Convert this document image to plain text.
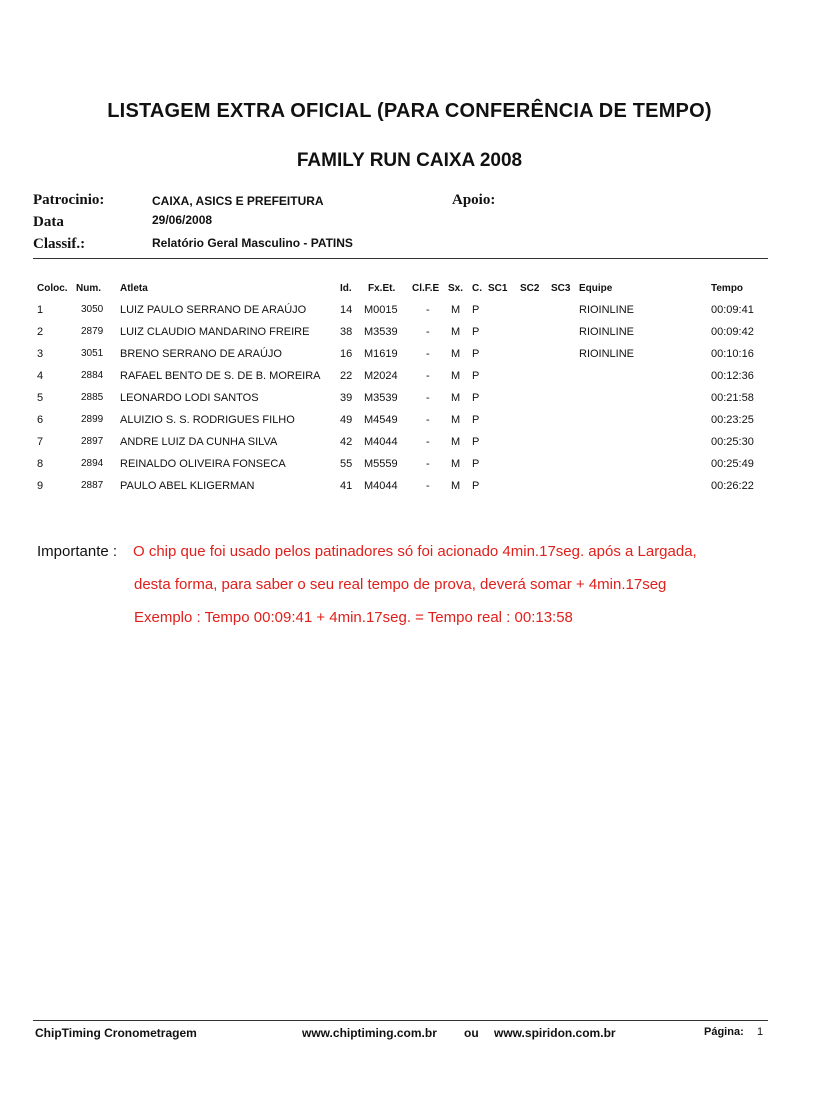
LISTAGEM EXTRA OFICIAL (PARA CONFERÊNCIA DE TEMPO)
FAMILY RUN CAIXA 2008
Patrocinio:	CAIXA, ASICS E PREFEITURA
Data	29/06/2008
Classif.:	Relatório Geral Masculino - PATINS
Apoio:
Coloc. Num. Atleta	Id. Fx.Et. Cl.F.E Sx. C. SC1 SC2 SC3 Equipe	Tempo
1	3050 LUIZ PAULO SERRANO DE ARAÚJO	14 M0015	- M P	RIOINLINE	00:09:41
2	2879 LUIZ CLAUDIO MANDARINO FREIRE	38 M3539	- M P	RIOINLINE	00:09:42
3	3051 BRENO SERRANO DE ARAÚJO	16 M1619	- M P	RIOINLINE	00:10:16
4	2884 RAFAEL BENTO DE S. DE B. MOREIRA 22 M2024	- M P	00:12:36
5	2885 LEONARDO LODI SANTOS	39 M3539	- M P	00:21:58
6	2899 ALUIZIO S. S. RODRIGUES FILHO	49 M4549	- M P	00:23:25
7	2897 ANDRE LUIZ DA CUNHA SILVA	42 M4044	- M P	00:25:30
8	2894 REINALDO OLIVEIRA FONSECA	55 M5559	- M P	00:25:49
9	2887 PAULO ABEL KLIGERMAN	41 M4044	- M P	00:26:22
Importante : O chip que foi usado pelos patinadores só foi acionado 4min.17seg. após a Largada,
desta forma, para saber o seu real tempo de prova, deverá somar + 4min.17seg
Exemplo : Tempo 00:09:41 + 4min.17seg. = Tempo real : 00:13:58
ChipTiming Cronometragem	www.chiptiming.com.br ou www.spiridon.com.br	Página: 1
